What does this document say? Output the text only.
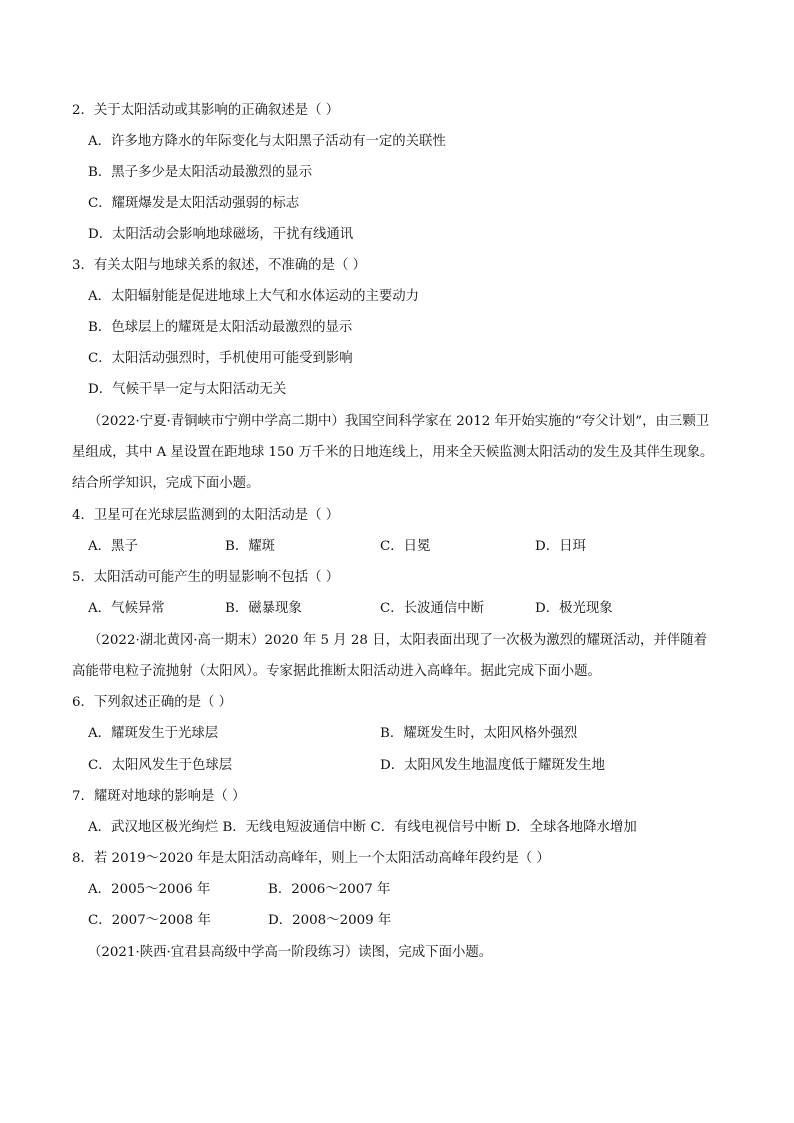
2．关于太阳活动或其影响的正确叙述是（ ）
A．许多地方降水的年际变化与太阳黑子活动有一定的关联性
B．黑子多少是太阳活动最激烈的显示
C．耀斑爆发是太阳活动强弱的标志
D．太阳活动会影响地球磁场，干扰有线通讯
3．有关太阳与地球关系的叙述，不准确的是（ ）
A．太阳辐射能是促进地球上大气和水体运动的主要动力
B．色球层上的耀斑是太阳活动最激烈的显示
C．太阳活动强烈时，手机使用可能受到影响
D．气候干旱一定与太阳活动无关
（2022·宁夏·青铜峡市宁朔中学高二期中）我国空间科学家在 2012 年开始实施的“夸父计划”，由三颗卫
星组成，其中 A 星设置在距地球 150 万千米的日地连线上，用来全天候监测太阳活动的发生及其伴生现象。
结合所学知识，完成下面小题。
4．卫星可在光球层监测到的太阳活动是（ ）
A．黑子	B．耀斑	C．日冕	D．日珥
5．太阳活动可能产生的明显影响不包括（ ）
A．气候异常	B．磁暴现象	C．长波通信中断	D．极光现象
（2022·湖北黄冈·高一期末）2020 年 5 月 28 日，太阳表面出现了一次极为激烈的耀斑活动，并伴随着
高能带电粒子流抛射（太阳风）。专家据此推断太阳活动进入高峰年。据此完成下面小题。
6．下列叙述正确的是（ ）
A．耀斑发生于光球层	B．耀斑发生时，太阳风格外强烈
C．太阳风发生于色球层	D．太阳风发生地温度低于耀斑发生地
7．耀斑对地球的影响是（ ）
A．武汉地区极光绚烂 B．无线电短波通信中断 C．有线电视信号中断 D．全球各地降水增加
8．若 2019～2020 年是太阳活动高峰年，则上一个太阳活动高峰年段约是（ ）
A．2005～2006 年	B．2006～2007 年
C．2007～2008 年	D．2008～2009 年
（2021·陕西·宜君县高级中学高一阶段练习）读图，完成下面小题。
